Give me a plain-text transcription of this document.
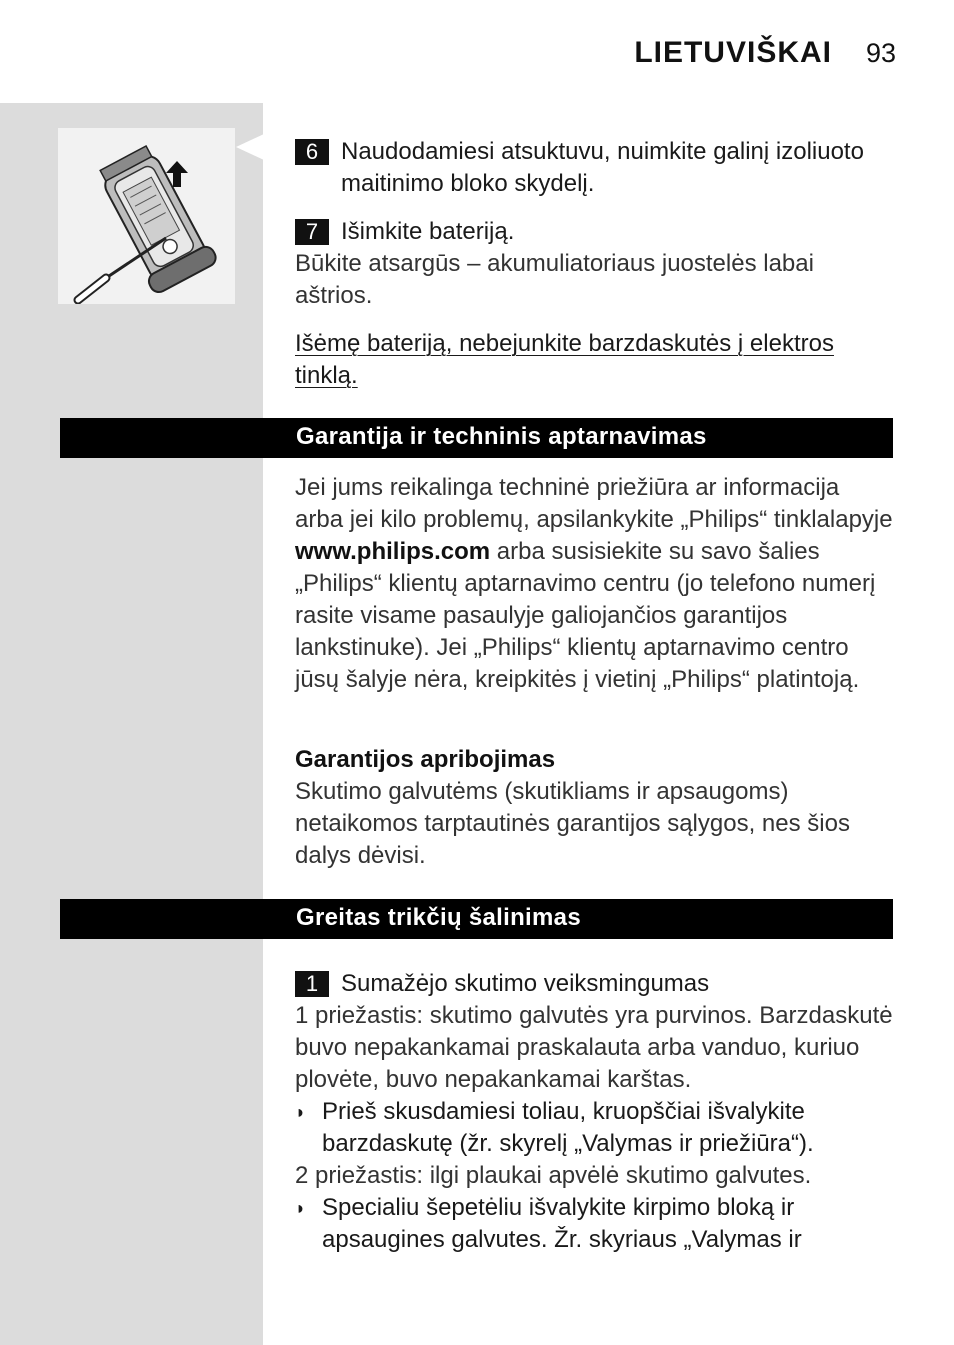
LIETUVIŠKAI 93
6 Naudodamiesi atsuktuvu, nuimkite galinį izoliuoto maitinimo bloko skydelį.
7 Išimkite bateriją.
Būkite atsargūs – akumuliatoriaus juostelės labai aštrios.
Išėmę bateriją, nebejunkite barzdaskutės į elektros tinklą.
Garantija ir techninis aptarnavimas
Jei jums reikalinga techninė priežiūra ar informacija arba jei kilo problemų, apsilankykite „Philips“ tinklalapyje www.philips.com arba susisiekite su savo šalies „Philips“ klientų aptarnavimo centru (jo telefono numerį rasite visame pasaulyje galiojančios garantijos lankstinuke). Jei „Philips“ klientų aptarnavimo centro jūsų šalyje nėra, kreipkitės į vietinį „Philips“ platintoją.
Garantijos apribojimas
Skutimo galvutėms (skutikliams ir apsaugoms) netaikomos tarptautinės garantijos sąlygos, nes šios dalys dėvisi.
Greitas trikčių šalinimas
1 Sumažėjo skutimo veiksmingumas
1 priežastis: skutimo galvutės yra purvinos. Barzdaskutė buvo nepakankamai praskalauta arba vanduo, kuriuo plovėte, buvo nepakankamai karštas.
◗ Prieš skusdamiesi toliau, kruopščiai išvalykite barzdaskutę (žr. skyrelį „Valymas ir priežiūra“).
2 priežastis: ilgi plaukai apvėlė skutimo galvutes.
◗ Specialiu šepetėliu išvalykite kirpimo bloką ir apsaugines galvutes. Žr. skyriaus „Valymas ir
